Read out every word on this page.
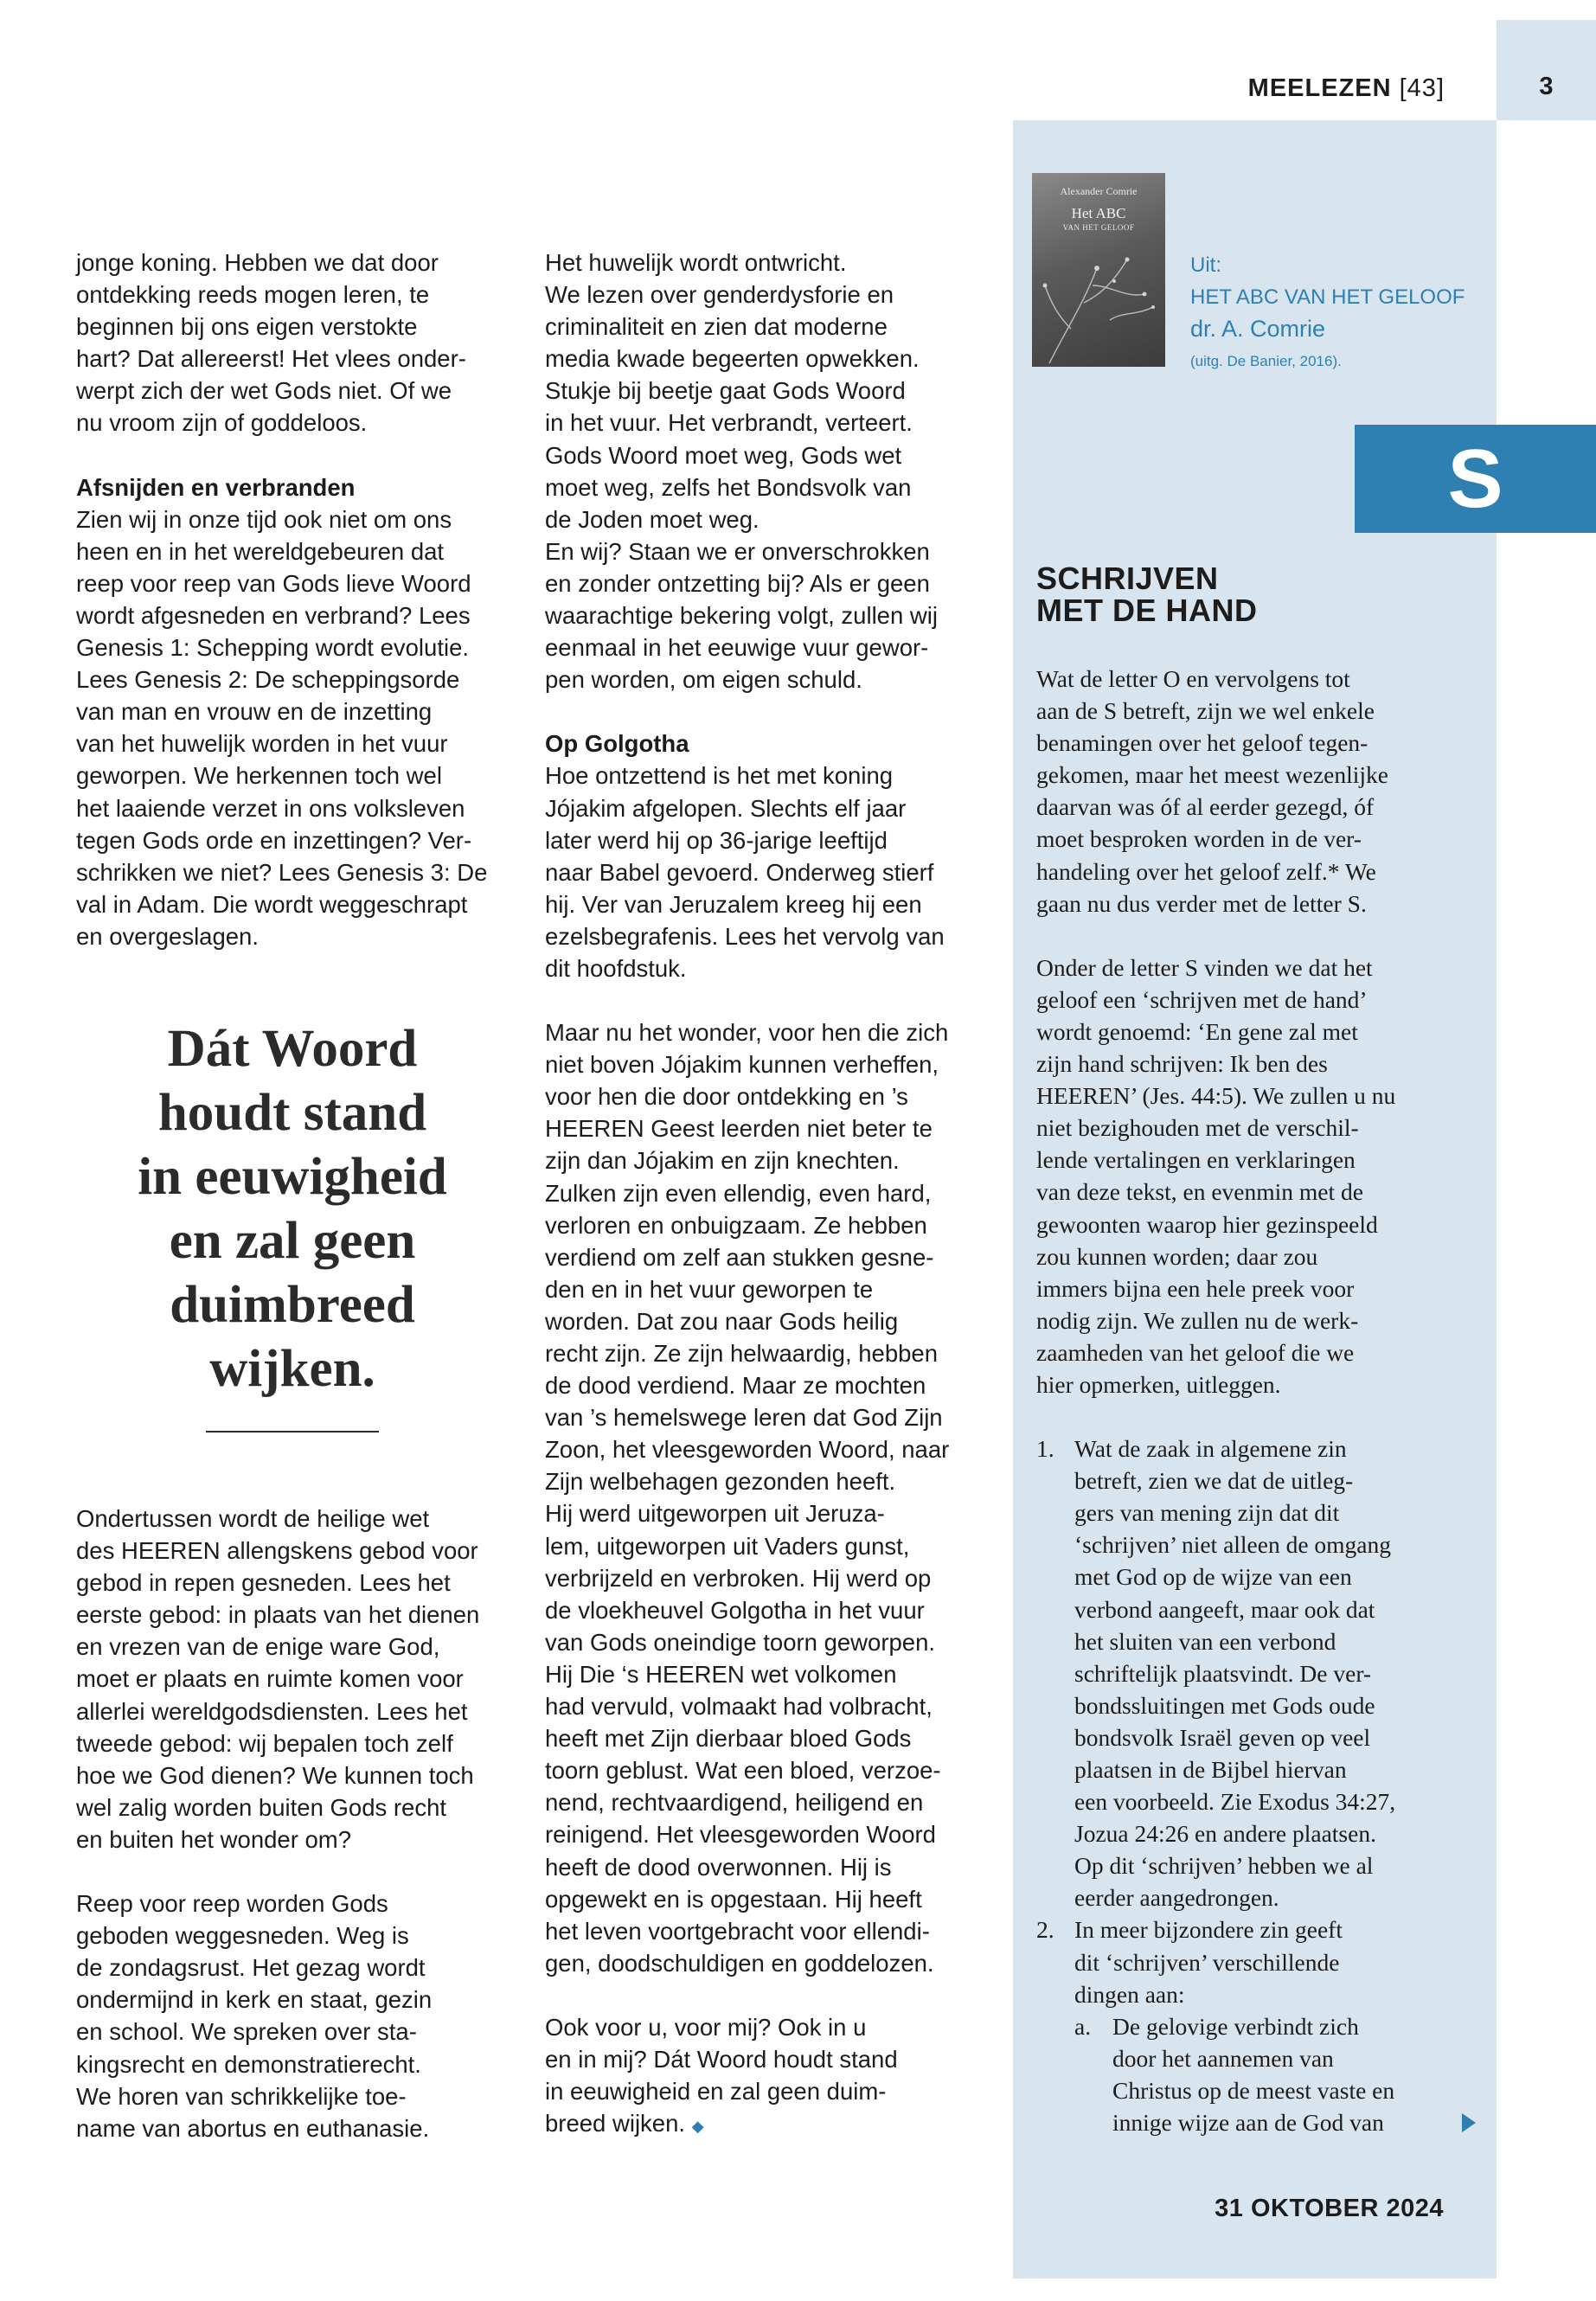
MEELEZEN [43]	3
Alexander Comrie
Het ABC
VAN HET GELOOF
Uit:
HET ABC VAN HET GELOOF
dr. A. Comrie
(uitg. De Banier, 2016).
S
SCHRIJVEN
MET DE HAND

Wat de letter O en vervolgens tot
aan de S betreft, zijn we wel enkele
benamingen over het geloof tegen-
gekomen, maar het meest wezenlijke
daarvan was óf al eerder gezegd, óf
moet besproken worden in de ver-
handeling over het geloof zelf.* We
gaan nu dus verder met de letter S.

Onder de letter S vinden we dat het
geloof een ‘schrijven met de hand’
wordt genoemd: ‘En gene zal met
zijn hand schrijven: Ik ben des
HEEREN’ (Jes. 44:5). We zullen u nu
niet bezighouden met de verschil-
lende vertalingen en verklaringen
van deze tekst, en evenmin met de
gewoonten waarop hier gezinspeeld
zou kunnen worden; daar zou
immers bijna een hele preek voor
nodig zijn. We zullen nu de werk-
zaamheden van het geloof die we
hier opmerken, uitleggen.

1. Wat de zaak in algemene zin
betreft, zien we dat de uitleg-
gers van mening zijn dat dit
‘schrijven’ niet alleen de omgang
met God op de wijze van een
verbond aangeeft, maar ook dat
het sluiten van een verbond
schriftelijk plaatsvindt. De ver-
bondssluitingen met Gods oude
bondsvolk Israël geven op veel
plaatsen in de Bijbel hiervan
een voorbeeld. Zie Exodus 34:27,
Jozua 24:26 en andere plaatsen.
Op dit ‘schrijven’ hebben we al
eerder aangedrongen.
2. In meer bijzondere zin geeft
dit ‘schrijven’ verschillende
dingen aan:
a. De gelovige verbindt zich
door het aannemen van
Christus op de meest vaste en
innige wijze aan de God van

jonge koning. Hebben we dat door
ontdekking reeds mogen leren, te
beginnen bij ons eigen verstokte
hart? Dat allereerst! Het vlees onder-
werpt zich der wet Gods niet. Of we
nu vroom zijn of goddeloos.

Afsnijden en verbranden

Zien wij in onze tijd ook niet om ons
heen en in het wereldgebeuren dat
reep voor reep van Gods lieve Woord
wordt afgesneden en verbrand? Lees
Genesis 1: Schepping wordt evolutie.
Lees Genesis 2: De scheppingsorde
van man en vrouw en de inzetting
van het huwelijk worden in het vuur
geworpen. We herkennen toch wel
het laaiende verzet in ons volksleven
tegen Gods orde en inzettingen? Ver-
schrikken we niet? Lees Genesis 3: De
val in Adam. Die wordt weggeschrapt
en overgeslagen.

Dát Woord
houdt stand
in eeuwigheid
en zal geen
duimbreed
wijken.

Ondertussen wordt de heilige wet
des HEEREN allengskens gebod voor
gebod in repen gesneden. Lees het
eerste gebod: in plaats van het dienen
en vrezen van de enige ware God,
moet er plaats en ruimte komen voor
allerlei wereldgodsdiensten. Lees het
tweede gebod: wij bepalen toch zelf
hoe we God dienen? We kunnen toch
wel zalig worden buiten Gods recht
en buiten het wonder om?

Reep voor reep worden Gods
geboden weggesneden. Weg is
de zondagsrust. Het gezag wordt
ondermijnd in kerk en staat, gezin
en school. We spreken over sta-
kingsrecht en demonstratierecht.
We horen van schrikkelijke toe-
name van abortus en euthanasie.

Het huwelijk wordt ontwricht.
We lezen over genderdysforie en
criminaliteit en zien dat moderne
media kwade begeerten opwekken.
Stukje bij beetje gaat Gods Woord
in het vuur. Het verbrandt, verteert.
Gods Woord moet weg, Gods wet
moet weg, zelfs het Bondsvolk van
de Joden moet weg.
En wij? Staan we er onverschrokken
en zonder ontzetting bij? Als er geen
waarachtige bekering volgt, zullen wij
eenmaal in het eeuwige vuur gewor-
pen worden, om eigen schuld.

Op Golgotha

Hoe ontzettend is het met koning
Jójakim afgelopen. Slechts elf jaar
later werd hij op 36-jarige leeftijd
naar Babel gevoerd. Onderweg stierf
hij. Ver van Jeruzalem kreeg hij een
ezelsbegrafenis. Lees het vervolg van
dit hoofdstuk.

Maar nu het wonder, voor hen die zich
niet boven Jójakim kunnen verheffen,
voor hen die door ontdekking en ’s
HEEREN Geest leerden niet beter te
zijn dan Jójakim en zijn knechten.
Zulken zijn even ellendig, even hard,
verloren en onbuigzaam. Ze hebben
verdiend om zelf aan stukken gesne-
den en in het vuur geworpen te
worden. Dat zou naar Gods heilig
recht zijn. Ze zijn helwaardig, hebben
de dood verdiend. Maar ze mochten
van ’s hemelswege leren dat God Zijn
Zoon, het vleesgeworden Woord, naar
Zijn welbehagen gezonden heeft.
Hij werd uitgeworpen uit Jeruza-
lem, uitgeworpen uit Vaders gunst,
verbrijzeld en verbroken. Hij werd op
de vloekheuvel Golgotha in het vuur
van Gods oneindige toorn geworpen.
Hij Die ‘s HEEREN wet volkomen
had vervuld, volmaakt had volbracht,
heeft met Zijn dierbaar bloed Gods
toorn geblust. Wat een bloed, verzoe-
nend, rechtvaardigend, heiligend en
reinigend. Het vleesgeworden Woord
heeft de dood overwonnen. Hij is
opgewekt en is opgestaan. Hij heeft
het leven voortgebracht voor ellendi-
gen, doodschuldigen en goddelozen.

Ook voor u, voor mij? Ook in u
en in mij? Dát Woord houdt stand
in eeuwigheid en zal geen duim-
breed wijken. ◆

31 OKTOBER 2024
